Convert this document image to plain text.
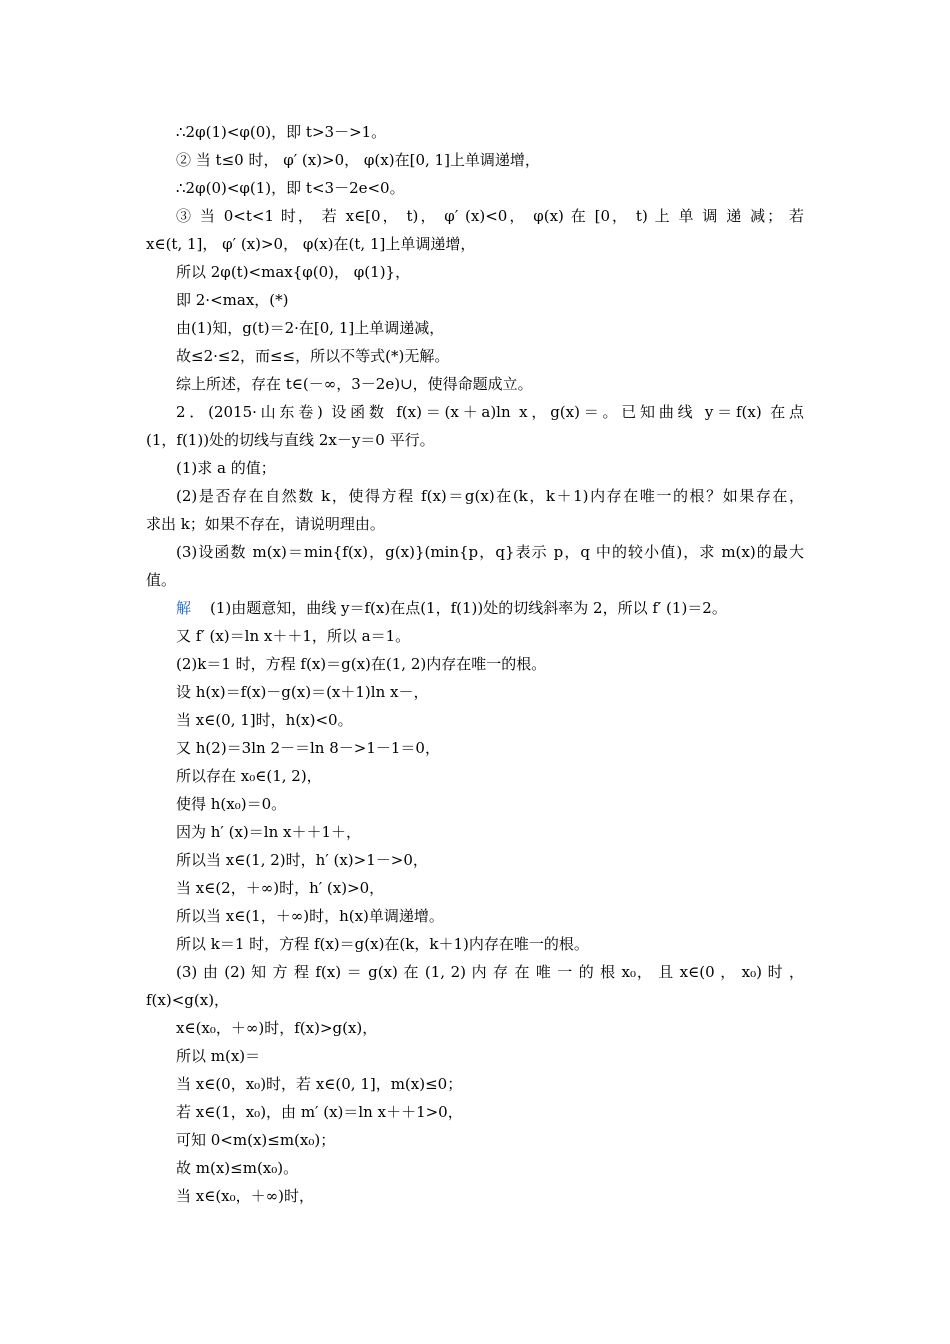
∴2φ(1)<φ(0)，即 t>3－>1。
② 当 t≤0 时， φ′ (x)>0， φ(x)在[0, 1]上单调递增，
∴2φ(0)<φ(1)，即 t<3－2e<0。
③ 当 0<t<1 时， 若 x∈[0， t)， φ′ (x)<0， φ(x) 在 [0， t) 上 单 调 递 减； 若
x∈(t, 1]， φ′ (x)>0， φ(x)在(t, 1]上单调递增，
所以 2φ(t)<max{φ(0)， φ(1)}，
即 2·<max，(*)
由(1)知，g(t)＝2·在[0, 1]上单调递减，
故≤2·≤2，而≤≤，所以不等式(*)无解。
综上所述，存在 t∈(－∞，3－2e)∪，使得命题成立。
2．(2015·山东卷) 设函数 f(x)＝(x＋a)ln x，g(x)＝。已知曲线 y＝f(x) 在点
(1，f(1))处的切线与直线 2x－y＝0 平行。
(1)求 a 的值；
(2)是否存在自然数 k，使得方程 f(x)＝g(x)在(k，k＋1)内存在唯一的根？如果存在，
求出 k；如果不存在，请说明理由。
(3)设函数 m(x)＝min{f(x)，g(x)}(min{p，q}表示 p，q 中的较小值)，求 m(x)的最大
值。
解 (1)由题意知，曲线 y＝f(x)在点(1，f(1))处的切线斜率为 2，所以 f′ (1)＝2。
又 f′ (x)＝ln x＋＋1，所以 a＝1。
(2)k＝1 时，方程 f(x)＝g(x)在(1, 2)内存在唯一的根。
设 h(x)＝f(x)－g(x)＝(x＋1)ln x－，
当 x∈(0, 1]时，h(x)<0。
又 h(2)＝3ln 2－＝ln 8－>1－1＝0，
所以存在 x₀∈(1, 2)，
使得 h(x₀)＝0。
因为 h′ (x)＝ln x＋＋1＋，
所以当 x∈(1, 2)时，h′ (x)>1－>0，
当 x∈(2，＋∞)时，h′ (x)>0，
所以当 x∈(1，＋∞)时，h(x)单调递增。
所以 k＝1 时，方程 f(x)＝g(x)在(k，k＋1)内存在唯一的根。
(3) 由 (2) 知 方 程 f(x) ＝ g(x) 在 (1, 2) 内 存 在 唯 一 的 根 x₀， 且 x∈(0 ， x₀) 时 ，
f(x)<g(x)，
x∈(x₀，＋∞)时，f(x)>g(x)，
所以 m(x)＝
当 x∈(0，x₀)时，若 x∈(0, 1]，m(x)≤0；
若 x∈(1，x₀)，由 m′ (x)＝ln x＋＋1>0，
可知 0<m(x)≤m(x₀)；
故 m(x)≤m(x₀)。
当 x∈(x₀，＋∞)时，
